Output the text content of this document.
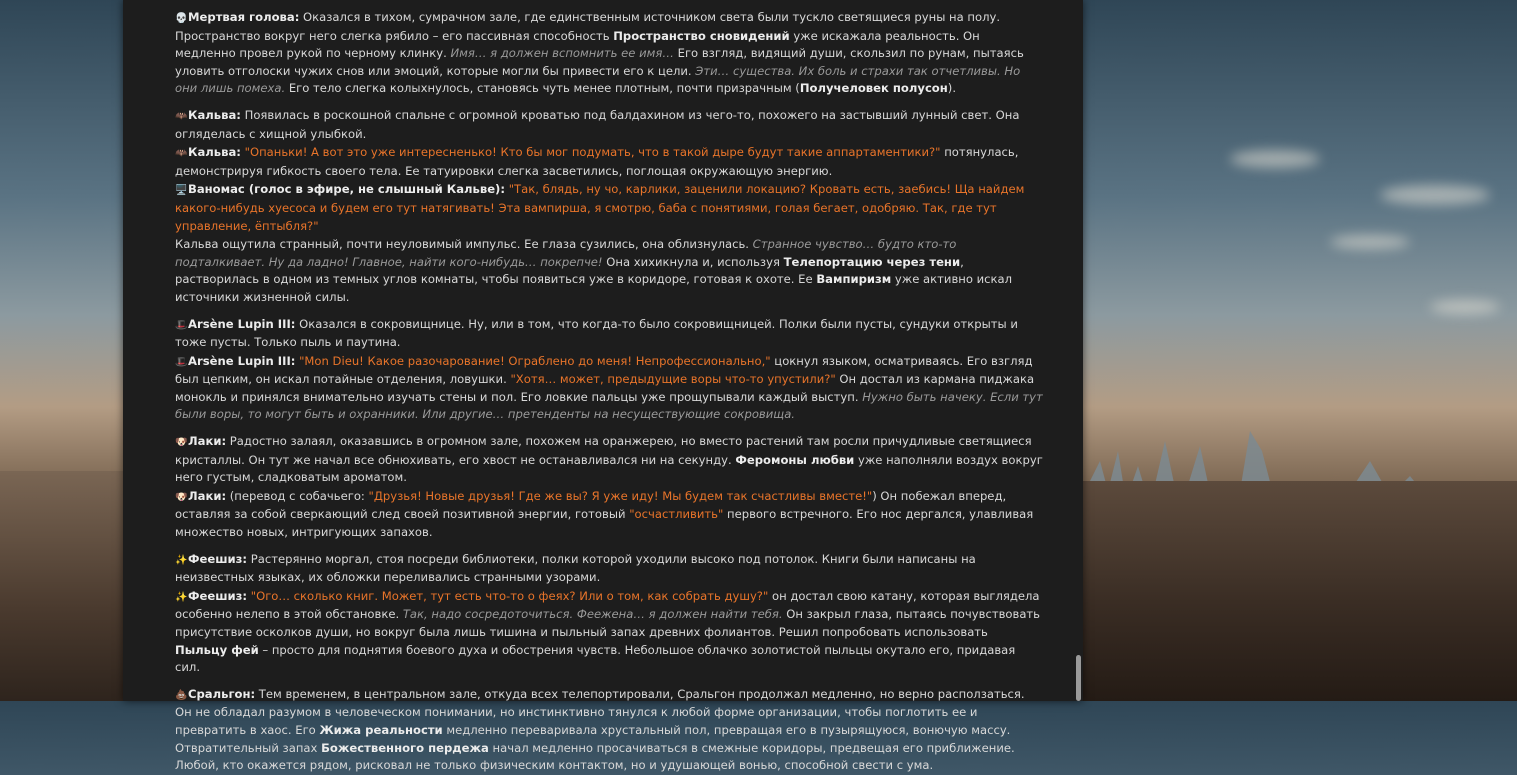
💀Мертвая голова: Оказался в тихом, сумрачном зале, где единственным источником света были тускло светящиеся руны на полу. Пространство вокруг него слегка рябило – его пассивная способность Пространство сновидений уже искажала реальность. Он медленно провел рукой по черному клинку. Имя… я должен вспомнить ее имя… Его взгляд, видящий души, скользил по рунам, пытаясь уловить отголоски чужих снов или эмоций, которые могли бы привести его к цели. Эти… существа. Их боль и страхи так отчетливы. Но они лишь помеха. Его тело слегка колыхнулось, становясь чуть менее плотным, почти призрачным (Получеловек полусон).
🦇Кальва: Появилась в роскошной спальне с огромной кроватью под балдахином из чего-то, похожего на застывший лунный свет. Она огляделась с хищной улыбкой.
🦇Кальва: "Опаньки! А вот это уже интересненько! Кто бы мог подумать, что в такой дыре будут такие аппартаментики?" потянулась, демонстрируя гибкость своего тела. Ее татуировки слегка засветились, поглощая окружающую энергию.
🖥️Ваномас (голос в эфире, не слышный Кальве): "Так, блядь, ну чо, карлики, заценили локацию? Кровать есть, заебись! Ща найдем какого-нибудь хуесоса и будем его тут натягивать! Эта вампирша, я смотрю, баба с понятиями, голая бегает, одобряю. Так, где тут управление, ёптыбля?"
Кальва ощутила странный, почти неуловимый импульс. Ее глаза сузились, она облизнулась. Странное чувство… будто кто-то подталкивает. Ну да ладно! Главное, найти кого-нибудь… покрепче! Она хихикнула и, используя Телепортацию через тени, растворилась в одном из темных углов комнаты, чтобы появиться уже в коридоре, готовая к охоте. Ее Вампиризм уже активно искал источники жизненной силы.
🎩Arsène Lupin III: Оказался в сокровищнице. Ну, или в том, что когда-то было сокровищницей. Полки были пусты, сундуки открыты и тоже пусты. Только пыль и паутина.
🎩Arsène Lupin III: "Mon Dieu! Какое разочарование! Ограблено до меня! Непрофессионально," цокнул языком, осматриваясь. Его взгляд был цепким, он искал потайные отделения, ловушки. "Хотя… может, предыдущие воры что-то упустили?" Он достал из кармана пиджака монокль и принялся внимательно изучать стены и пол. Его ловкие пальцы уже прощупывали каждый выступ. Нужно быть начеку. Если тут были воры, то могут быть и охранники. Или другие… претенденты на несуществующие сокровища.
🐶Лаки: Радостно залаял, оказавшись в огромном зале, похожем на оранжерею, но вместо растений там росли причудливые светящиеся кристаллы. Он тут же начал все обнюхивать, его хвост не останавливался ни на секунду. Феромоны любви уже наполняли воздух вокруг него густым, сладковатым ароматом.
🐶Лаки: (перевод с собачьего: "Друзья! Новые друзья! Где же вы? Я уже иду! Мы будем так счастливы вместе!") Он побежал вперед, оставляя за собой сверкающий след своей позитивной энергии, готовый "осчастливить" первого встречного. Его нос дергался, улавливая множество новых, интригующих запахов.
✨Феешиз: Растерянно моргал, стоя посреди библиотеки, полки которой уходили высоко под потолок. Книги были написаны на неизвестных языках, их обложки переливались странными узорами.
✨Феешиз: "Ого… сколько книг. Может, тут есть что-то о феях? Или о том, как собрать душу?" он достал свою катану, которая выглядела особенно нелепо в этой обстановке. Так, надо сосредоточиться. Феежена… я должен найти тебя. Он закрыл глаза, пытаясь почувствовать присутствие осколков души, но вокруг была лишь тишина и пыльный запах древних фолиантов. Решил попробовать использовать Пыльцу фей – просто для поднятия боевого духа и обострения чувств. Небольшое облачко золотистой пыльцы окутало его, придавая сил.
💩Сральгон: Тем временем, в центральном зале, откуда всех телепортировали, Сральгон продолжал медленно, но верно расползаться. Он не обладал разумом в человеческом понимании, но инстинктивно тянулся к любой форме организации, чтобы поглотить ее и превратить в хаос. Его Жижа реальности медленно переваривала хрустальный пол, превращая его в пузырящуюся, вонючую массу. Отвратительный запах Божественного пердежа начал медленно просачиваться в смежные коридоры, предвещая его приближение. Любой, кто окажется рядом, рисковал не только физическим контактом, но и удушающей вонью, способной свести с ума.
